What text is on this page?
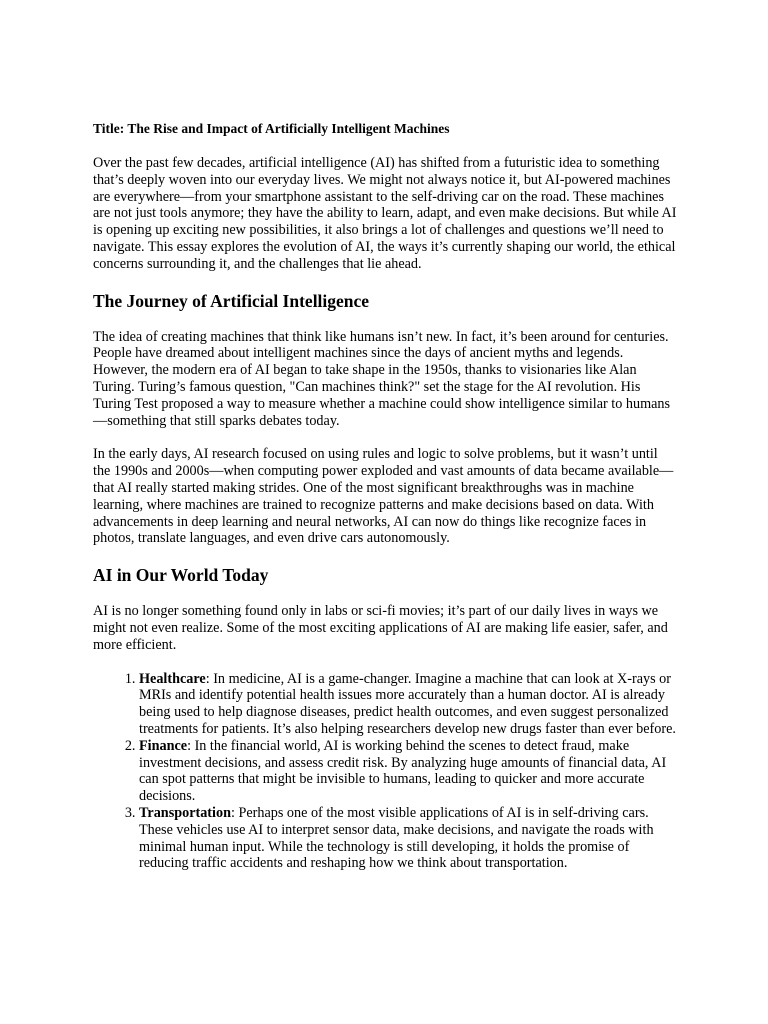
Title: The Rise and Impact of Artificially Intelligent Machines

Over the past few decades, artificial intelligence (AI) has shifted from a futuristic idea to something that’s deeply woven into our everyday lives. We might not always notice it, but AI-powered machines are everywhere—from your smartphone assistant to the self-driving car on the road. These machines are not just tools anymore; they have the ability to learn, adapt, and even make decisions. But while AI is opening up exciting new possibilities, it also brings a lot of challenges and questions we’ll need to navigate. This essay explores the evolution of AI, the ways it’s currently shaping our world, the ethical concerns surrounding it, and the challenges that lie ahead.

The Journey of Artificial Intelligence

The idea of creating machines that think like humans isn’t new. In fact, it’s been around for centuries. People have dreamed about intelligent machines since the days of ancient myths and legends. However, the modern era of AI began to take shape in the 1950s, thanks to visionaries like Alan Turing. Turing’s famous question, "Can machines think?" set the stage for the AI revolution. His Turing Test proposed a way to measure whether a machine could show intelligence similar to humans—something that still sparks debates today.

In the early days, AI research focused on using rules and logic to solve problems, but it wasn’t until the 1990s and 2000s—when computing power exploded and vast amounts of data became available—that AI really started making strides. One of the most significant breakthroughs was in machine learning, where machines are trained to recognize patterns and make decisions based on data. With advancements in deep learning and neural networks, AI can now do things like recognize faces in photos, translate languages, and even drive cars autonomously.

AI in Our World Today

AI is no longer something found only in labs or sci-fi movies; it’s part of our daily lives in ways we might not even realize. Some of the most exciting applications of AI are making life easier, safer, and more efficient.

1. Healthcare: In medicine, AI is a game-changer. Imagine a machine that can look at X-rays or MRIs and identify potential health issues more accurately than a human doctor. AI is already being used to help diagnose diseases, predict health outcomes, and even suggest personalized treatments for patients. It’s also helping researchers develop new drugs faster than ever before.
2. Finance: In the financial world, AI is working behind the scenes to detect fraud, make investment decisions, and assess credit risk. By analyzing huge amounts of financial data, AI can spot patterns that might be invisible to humans, leading to quicker and more accurate decisions.
3. Transportation: Perhaps one of the most visible applications of AI is in self-driving cars. These vehicles use AI to interpret sensor data, make decisions, and navigate the roads with minimal human input. While the technology is still developing, it holds the promise of reducing traffic accidents and reshaping how we think about transportation.
